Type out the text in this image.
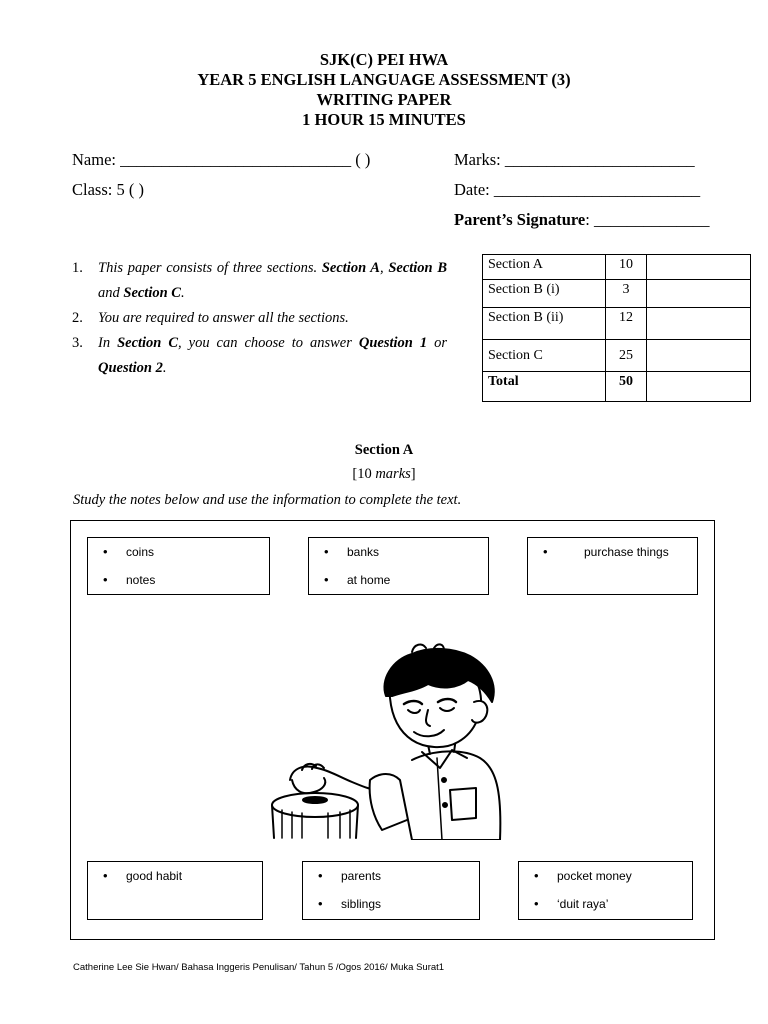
SJK(C) PEI HWA
YEAR 5 ENGLISH LANGUAGE ASSESSMENT (3)
WRITING PAPER
1 HOUR 15 MINUTES
Name: ____________________________ ( )	Marks: _______________________
Class: 5 ( )	Date: _________________________
Parent’s Signature: ______________
1. This paper consists of three sections. Section A, Section B and Section C.
2. You are required to answer all the sections.
3. In Section C, you can choose to answer Question 1 or Question 2.
Section A	10	
Section B (i)	3	
Section B (ii)	12	
Section C	25	
Total	50	
Section A
[10 marks]
Study the notes below and use the information to complete the text.
• coins
• notes
• banks
• at home
• purchase things
• good habit	• parents
• siblings
• pocket money
• ‘duit raya’
Catherine Lee Sie Hwan/ Bahasa Inggeris Penulisan/ Tahun 5 /Ogos 2016/ Muka Surat1
